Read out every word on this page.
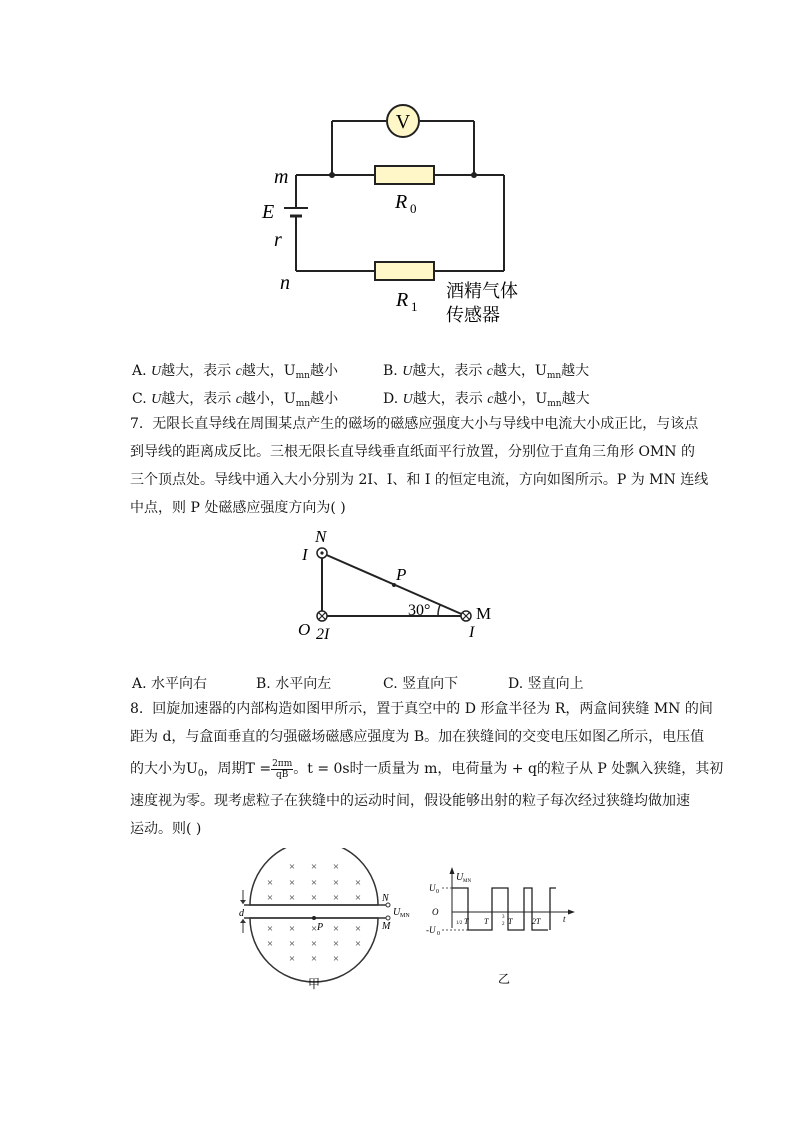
V
m
E
r
n
R 0
R 1
酒精气体
传感器
A. U越大，表示 c越大，$U_{mn}$越小	B. U越大，表示 c越大，$U_{mn}$越大
C. U越大，表示 c越小，$U_{mn}$越小	D. U越大，表示 c越小，$U_{mn}$越大
7. 无限长直导线在周围某点产生的磁场的磁感应强度大小与导线中电流大小成正比，与该点
到导线的距离成反比。三根无限长直导线垂直纸面平行放置，分别位于直角三角形 OMN 的
三个顶点处。导线中通入大小分别为 2I、I、和 I 的恒定电流，方向如图所示。P 为 MN 连线
中点，则 P 处磁感应强度方向为( )
N
I
P
30°	M
O 2I	I
A. 水平向右	B. 水平向左	C. 竖直向下	D. 竖直向上
8. 回旋加速器的内部构造如图甲所示，置于真空中的 D 形盒半径为 R，两盒间狭缝 MN 的间
距为 d，与盒面垂直的匀强磁场磁感应强度为 B。加在狭缝间的交变电压如图乙所示，电压值
的大小为$U_0$，周期$T = \frac{2\pi m}{qB}$ 。t = 0s时一质量为 m，电荷量为 + q的粒子从 P 处飘入狭缝，其初
速度视为零。现考虑粒子在狭缝中的运动时间，假设能够出射的粒子每次经过狭缝均做加速
运动。则( )
× × ×
× × × × ×
× × × × ×
× ×	× ×
× × × × ×
× × ×
×
d
N
M
U MN
P
甲
U MN
U 0
O
-U 0
1/2 T T	3
2 T 2T	t
乙
